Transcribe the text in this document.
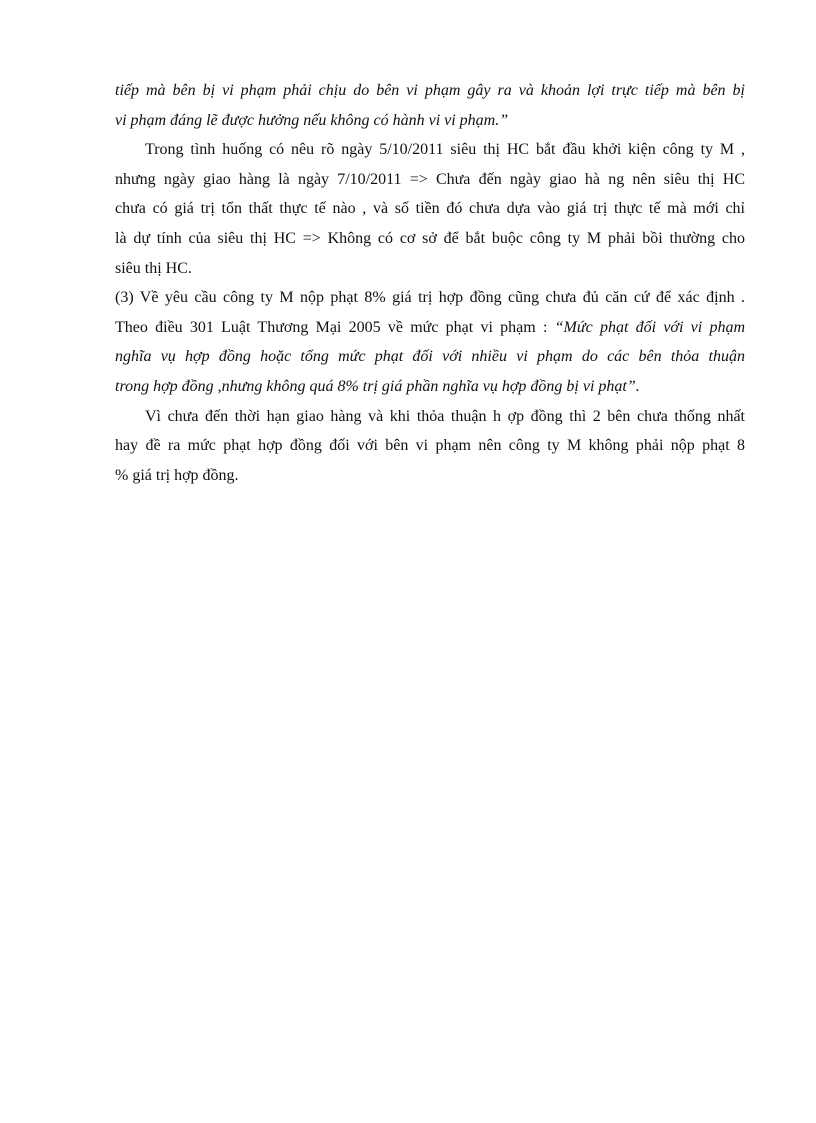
tiếp mà bên bị vi phạm phải chịu do bên vi phạm gây ra và khoản lợi trực tiếp mà bên bị
vi phạm đáng lẽ được hưởng nếu không có hành vi vi phạm.”
Trong tình huống có nêu rõ ngày 5/10/2011 siêu thị HC bắt đầu khởi kiện công ty M ,
nhưng ngày giao hàng là ngày 7/10/2011 => Chưa đến ngày giao hà ng nên siêu thị HC
chưa có giá trị tổn thất thực tế nào , và số tiền đó chưa dựa vào giá trị thực tế mà mới chỉ
là dự tính của siêu thị HC => Không có cơ sở để bắt buộc công ty M phải bồi thường cho
siêu thị HC.
(3) Về yêu cầu công ty M nộp phạt 8% giá trị hợp đồng cũng chưa đủ căn cứ để xác định .
Theo điều 301 Luật Thương Mại 2005 về mức phạt vi phạm : “Mức phạt đối với vi phạm
nghĩa vụ hợp đồng hoặc tổng mức phạt đối với nhiều vi phạm do các bên thỏa thuận
trong hợp đồng ,nhưng không quá 8% trị giá phần nghĩa vụ hợp đồng bị vi phạt”.
Vì chưa đến thời hạn giao hàng và khi thỏa thuận h ợp đồng thì 2 bên chưa thống nhất
hay đề ra mức phạt hợp đồng đối với bên vi phạm nên công ty M không phải nộp phạt 8
% giá trị hợp đồng.
